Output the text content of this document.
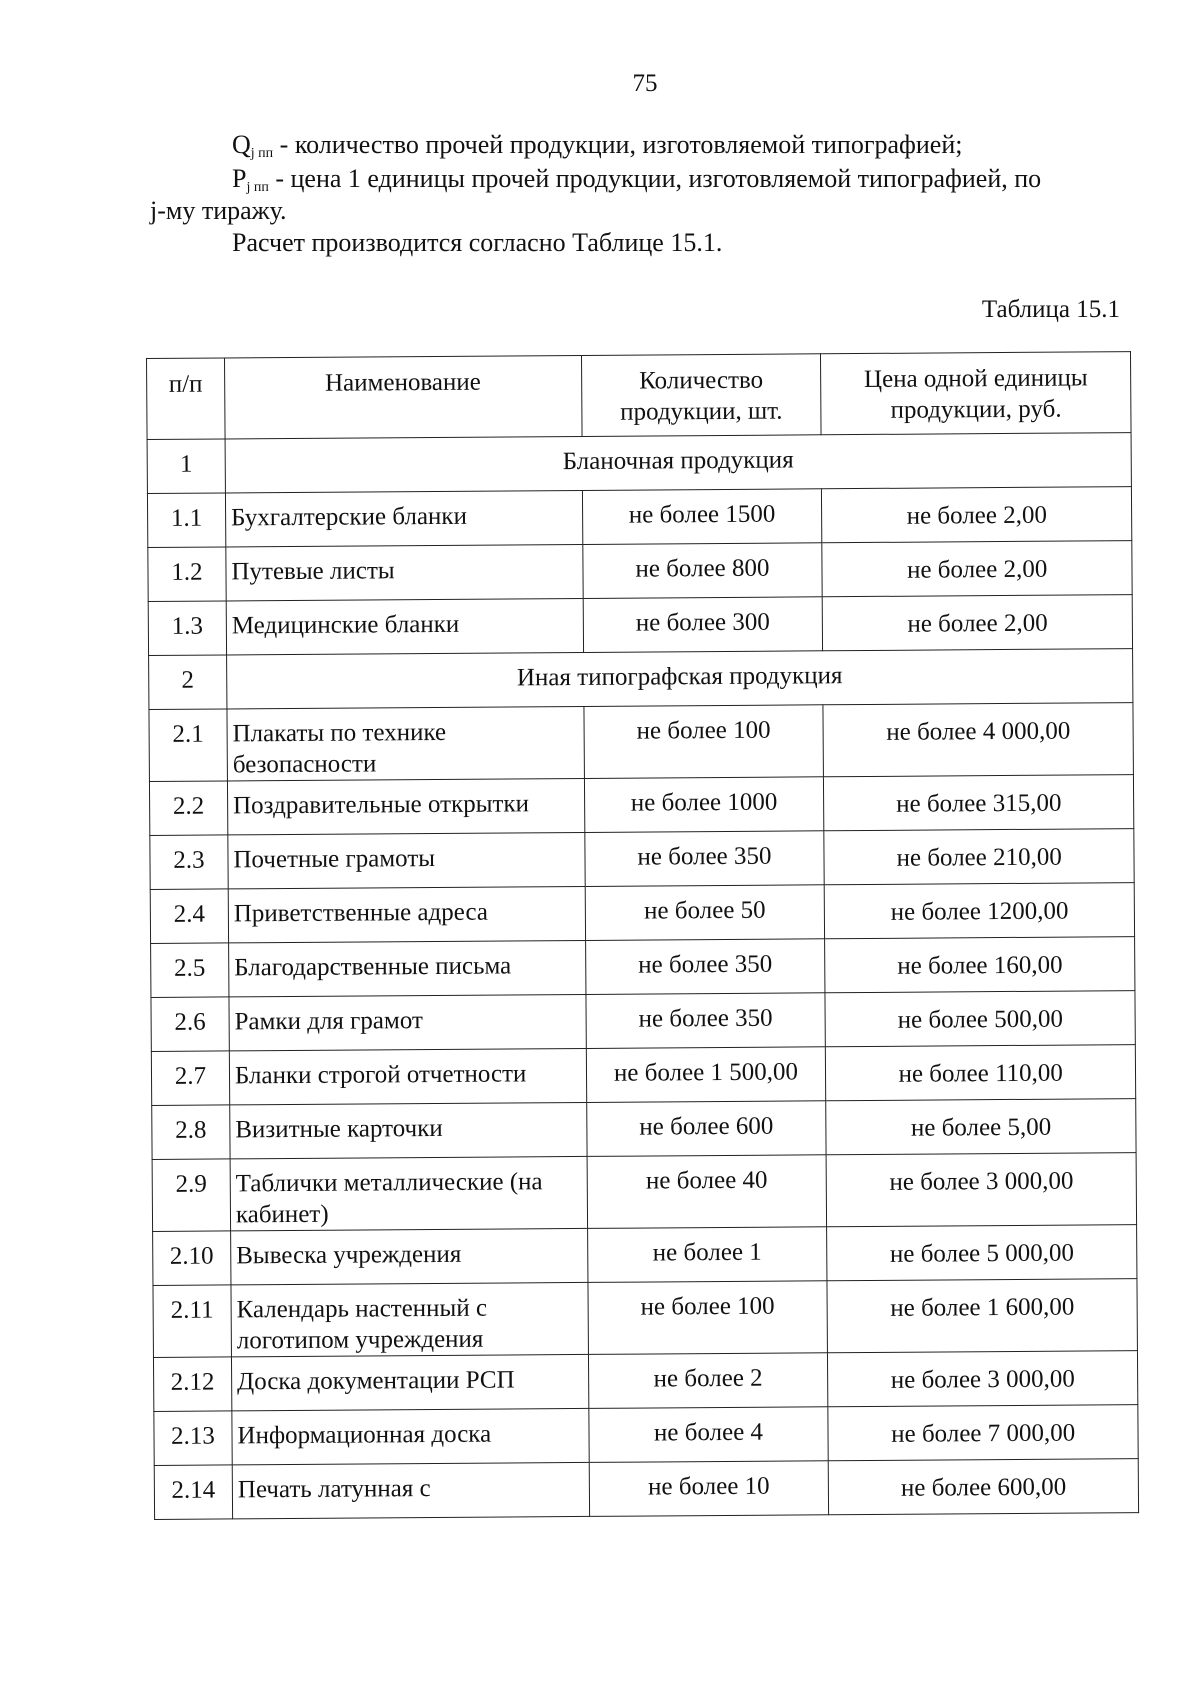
75
$Q_{j пп}$ - количество прочей продукции, изготовляемой типографией;
$P_{j пп}$ - цена 1 единицы прочей продукции, изготовляемой типографией, по
j-му тиражу.
Расчет производится согласно Таблице 15.1.
Таблица 15.1
п/п	Наименование	Количество продукции, шт.	Цена одной единицы продукции, руб.
1	Бланочная продукция		
1.1	Бухгалтерские бланки	не более 1500	не более 2,00
1.2	Путевые листы	не более 800	не более 2,00
1.3	Медицинские бланки	не более 300	не более 2,00
2	Иная типографская продукция		
2.1	Плакаты по технике безопасности	не более 100	не более 4 000,00
2.2	Поздравительные открытки	не более 1000	не более 315,00
2.3	Почетные грамоты	не более 350	не более 210,00
2.4	Приветственные адреса	не более 50	не более 1200,00
2.5	Благодарственные письма	не более 350	не более 160,00
2.6	Рамки для грамот	не более 350	не более 500,00
2.7	Бланки строгой отчетности	не более 1 500,00	не более 110,00
2.8	Визитные карточки	не более 600	не более 5,00
2.9	Таблички металлические (на кабинет)	не более 40	не более 3 000,00
2.10	Вывеска учреждения	не более 1	не более 5 000,00
2.11	Календарь настенный с логотипом учреждения	не более 100	не более 1 600,00
2.12	Доска документации РСП	не более 2	не более 3 000,00
2.13	Информационная доска	не более 4	не более 7 000,00
2.14	Печать латунная с	не более 10	не более 600,00
